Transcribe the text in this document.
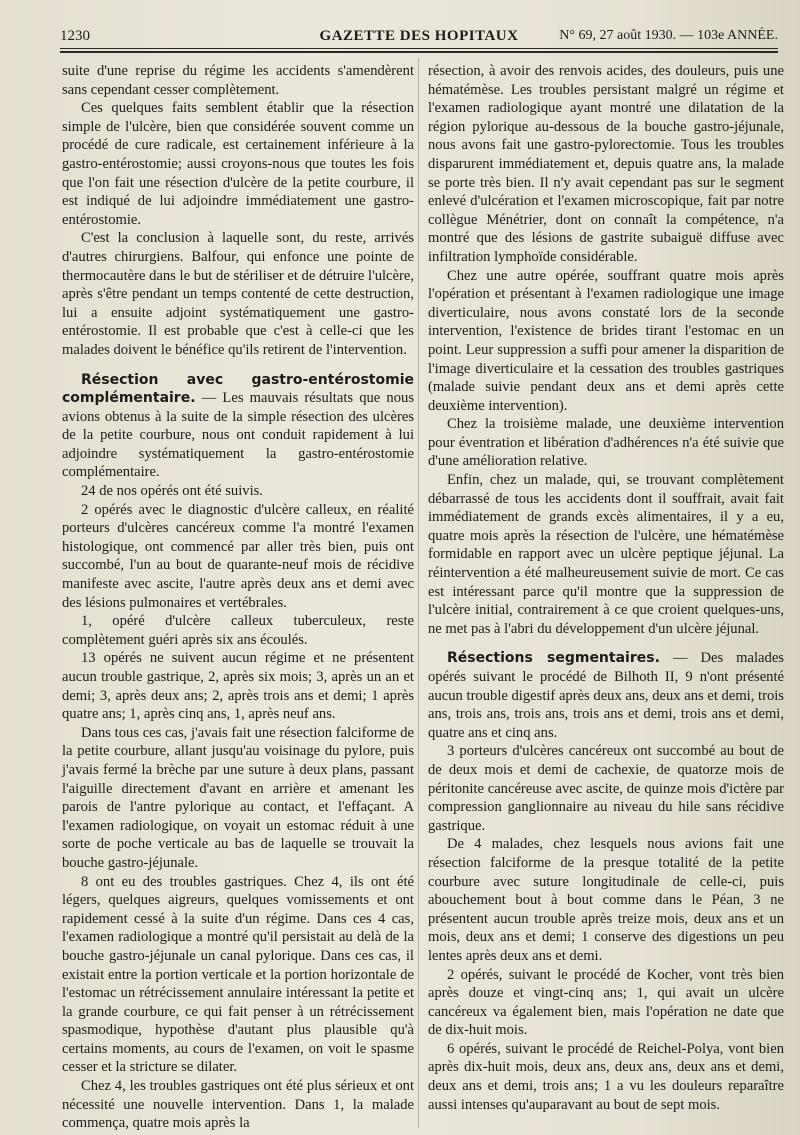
1230	GAZETTE DES HOPITAUX	N° 69, 27 août 1930. — 103e ANNÉE.

suite d'une reprise du régime les accidents s'amendèrent sans cependant cesser complètement.

Ces quelques faits semblent établir que la résection simple de l'ulcère, bien que considérée souvent comme un procédé de cure radicale, est certainement inférieure à la gastro-entérostomie; aussi croyons-nous que toutes les fois que l'on fait une résection d'ulcère de la petite courbure, il est indiqué de lui adjoindre immédiatement une gastro-entérostomie.

C'est la conclusion à laquelle sont, du reste, arrivés d'autres chirurgiens. Balfour, qui enfonce une pointe de thermocautère dans le but de stériliser et de détruire l'ulcère, après s'être pendant un temps contenté de cette destruction, lui a ensuite adjoint systématiquement une gastro-entérostomie. Il est probable que c'est à celle-ci que les malades doivent le bénéfice qu'ils retirent de l'intervention.

Résection avec gastro-entérostomie complémentaire. — Les mauvais résultats que nous avions obtenus à la suite de la simple résection des ulcères de la petite courbure, nous ont conduit rapidement à lui adjoindre systématiquement la gastro-entérostomie complémentaire.

24 de nos opérés ont été suivis.

2 opérés avec le diagnostic d'ulcère calleux, en réalité porteurs d'ulcères cancéreux comme l'a montré l'examen histologique, ont commencé par aller très bien, puis ont succombé, l'un au bout de quarante-neuf mois de récidive manifeste avec ascite, l'autre après deux ans et demi avec des lésions pulmonaires et vertébrales.

1, opéré d'ulcère calleux tuberculeux, reste complètement guéri après six ans écoulés.

13 opérés ne suivent aucun régime et ne présentent aucun trouble gastrique, 2, après six mois; 3, après un an et demi; 3, après deux ans; 2, après trois ans et demi; 1 après quatre ans; 1, après cinq ans, 1, après neuf ans.

Dans tous ces cas, j'avais fait une résection falciforme de la petite courbure, allant jusqu'au voisinage du pylore, puis j'avais fermé la brèche par une suture à deux plans, passant l'aiguille directement d'avant en arrière et amenant les parois de l'antre pylorique au contact, et l'effaçant. A l'examen radiologique, on voyait un estomac réduit à une sorte de poche verticale au bas de laquelle se trouvait la bouche gastro-jéjunale.

8 ont eu des troubles gastriques. Chez 4, ils ont été légers, quelques aigreurs, quelques vomissements et ont rapidement cessé à la suite d'un régime. Dans ces 4 cas, l'examen radiologique a montré qu'il persistait au delà de la bouche gastro-jéjunale un canal pylorique. Dans ces cas, il existait entre la portion verticale et la portion horizontale de l'estomac un rétrécissement annulaire intéressant la petite et la grande courbure, ce qui fait penser à un rétrécissement spasmodique, hypothèse d'autant plus plausible qu'à certains moments, au cours de l'examen, on voit le spasme cesser et la stricture se dilater.

Chez 4, les troubles gastriques ont été plus sérieux et ont nécessité une nouvelle intervention. Dans 1, la malade commença, quatre mois après la

résection, à avoir des renvois acides, des douleurs, puis une hématémèse. Les troubles persistant malgré un régime et l'examen radiologique ayant montré une dilatation de la région pylorique au-dessous de la bouche gastro-jéjunale, nous avons fait une gastro-pylorectomie. Tous les troubles disparurent immédiatement et, depuis quatre ans, la malade se porte très bien. Il n'y avait cependant pas sur le segment enlevé d'ulcération et l'examen microscopique, fait par notre collègue Ménétrier, dont on connaît la compétence, n'a montré que des lésions de gastrite subaiguë diffuse avec infiltration lymphoïde considérable.

Chez une autre opérée, souffrant quatre mois après l'opération et présentant à l'examen radiologique une image diverticulaire, nous avons constaté lors de la seconde intervention, l'existence de brides tirant l'estomac en un point. Leur suppression a suffi pour amener la disparition de l'image diverticulaire et la cessation des troubles gastriques (malade suivie pendant deux ans et demi après cette deuxième intervention).

Chez la troisième malade, une deuxième intervention pour éventration et libération d'adhérences n'a été suivie que d'une amélioration relative.

Enfin, chez un malade, qui, se trouvant complètement débarrassé de tous les accidents dont il souffrait, avait fait immédiatement de grands excès alimentaires, il y a eu, quatre mois après la résection de l'ulcère, une hématémèse formidable en rapport avec un ulcère peptique jéjunal. La réintervention a été malheureusement suivie de mort. Ce cas est intéressant parce qu'il montre que la suppression de l'ulcère initial, contrairement à ce que croient quelques-uns, ne met pas à l'abri du développement d'un ulcère jéjunal.

Résections segmentaires. — Des malades opérés suivant le procédé de Bilhoth II, 9 n'ont présenté aucun trouble digestif après deux ans, deux ans et demi, trois ans, trois ans, trois ans, trois ans et demi, trois ans et demi, quatre ans et cinq ans.

3 porteurs d'ulcères cancéreux ont succombé au bout de de deux mois et demi de cachexie, de quatorze mois de péritonite cancéreuse avec ascite, de quinze mois d'ictère par compression ganglionnaire au niveau du hile sans récidive gastrique.

De 4 malades, chez lesquels nous avions fait une résection falciforme de la presque totalité de la petite courbure avec suture longitudinale de celle-ci, puis abouchement bout à bout comme dans le Péan, 3 ne présentent aucun trouble après treize mois, deux ans et un mois, deux ans et demi; 1 conserve des digestions un peu lentes après deux ans et demi.

2 opérés, suivant le procédé de Kocher, vont très bien après douze et vingt-cinq ans; 1, qui avait un ulcère cancéreux va également bien, mais l'opération ne date que de dix-huit mois.

6 opérés, suivant le procédé de Reichel-Polya, vont bien après dix-huit mois, deux ans, deux ans, deux ans et demi, deux ans et demi, trois ans; 1 a vu les douleurs reparaître aussi intenses qu'auparavant au bout de sept mois.
